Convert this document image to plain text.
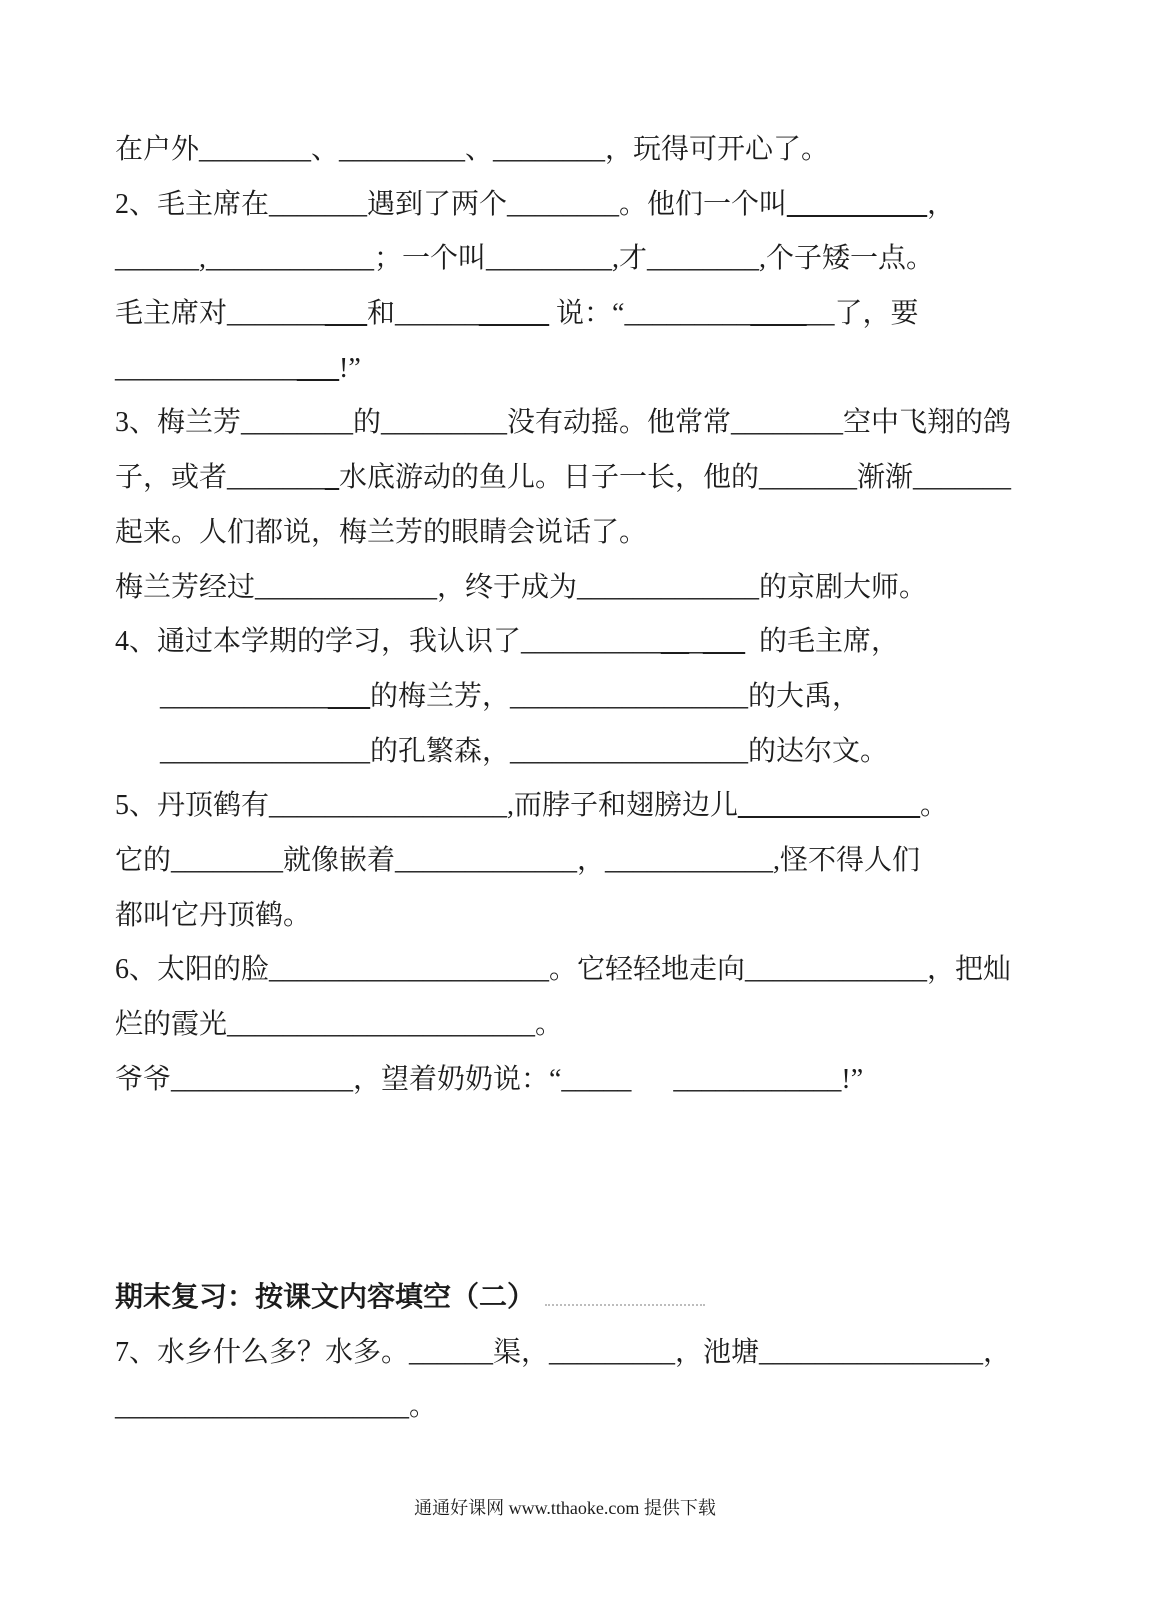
在户外________、_________、________，玩得可开心了。
2、毛主席在_______遇到了两个________。他们一个叫 __________ ，
______,____________；一个叫_________,才________,个子矮一点。
毛主席对_______ ___ 和______ _____ 说：“_________ ____ __了，要
_____________ ___ !”
3、梅兰芳________的_________没有动摇。他常常________空中飞翔的鸽
子，或者_______ _ 水底游动的鱼儿。日子一长，他的_______渐渐_______
起来。人们都说，梅兰芳的眼睛会说话了。
梅兰芳经过_____________，终于成为_____________的京剧大师。
4、通过本学期的学习，我认识了__________ __ _ ___ 的毛主席，
____________ ___ 的梅兰芳，_________________的大禹，
_______________的孔繁森，_________________的达尔文。
5、丹顶鹤有_________________,而脖子和翅膀边儿 _____________ 。
它的________就像嵌着_____________，____________,怪不得人们
都叫它丹顶鹤。
6、太阳的脸____________________。它轻轻地走向_____________，把灿
烂的霞光______________________。
爷爷_____________，望着奶奶说：“_____      ____________!”
期末复习：按课文内容填空（二）
7、水乡什么多？水多。______渠，_________，池塘________________，
_____________________。
通通好课网 www.tthaoke.com 提供下载
